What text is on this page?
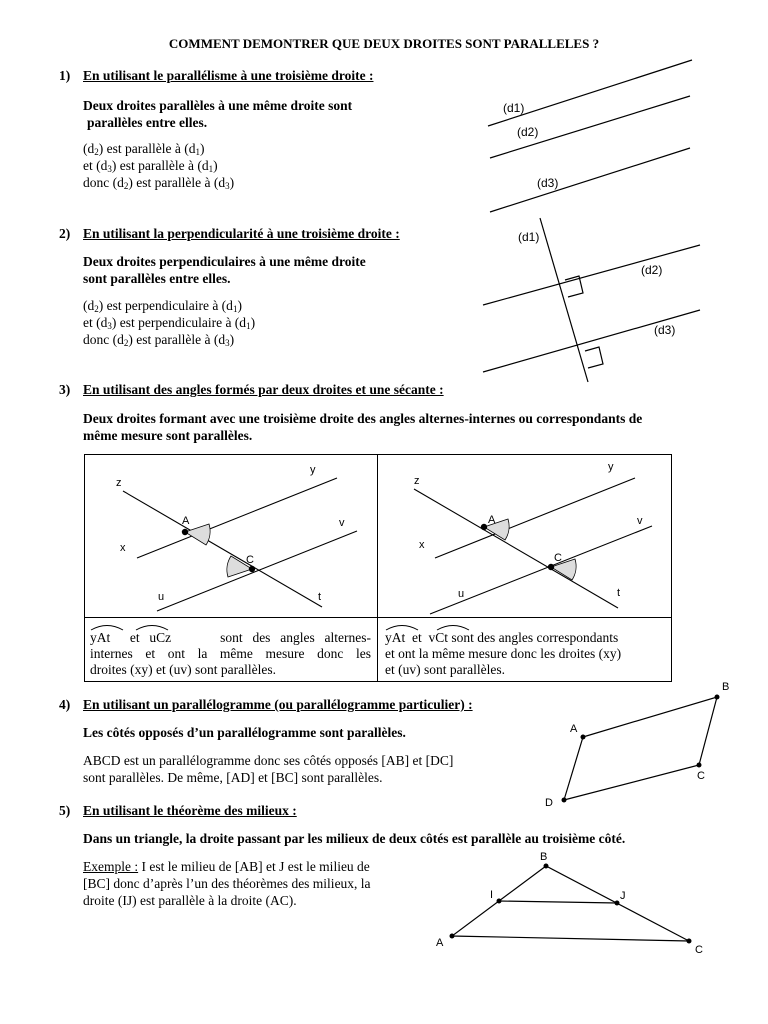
COMMENT DEMONTRER QUE DEUX DROITES SONT PARALLELES ?
1) En utilisant le parallélisme à une troisième droite :
Deux droites parallèles à une même droite sont
parallèles entre elles.
$(d_2)$ est parallèle à $(d_1)$
et $(d_3)$ est parallèle à $(d_1)$
donc $(d_2)$ est parallèle à $(d_3)$
(d1)
(d2)
(d3)
(d1)
(d2)
(d3)
z
y
x
A	v
C
u	t
z
y
x
A	v
C
u	t
A
B
C
D
B
I	J
A
C
2) En utilisant la perpendicularité à une troisième droite :
Deux droites perpendiculaires à une même droite
sont parallèles entre elles.
$(d_2)$ est perpendiculaire à $(d_1)$
et $(d_3)$ est perpendiculaire à $(d_1)$
donc $(d_2)$ est parallèle à $(d_3)$
3) En utilisant des angles formés par deux droites et une sécante :
Deux droites formant avec une troisième droite des angles alternes-internes ou correspondants de
même mesure sont parallèles.
yAt  et uCz	sont des angles alternes-
internes et ont la même mesure donc les
droites (xy) et (uv) sont parallèles.
yAt  et  vCt sont des angles correspondants
et ont la même mesure donc les droites (xy)
et (uv) sont parallèles.
4) En utilisant un parallélogramme (ou parallélogramme particulier) :
Les côtés opposés d’un parallélogramme sont parallèles.
ABCD est un parallélogramme donc ses côtés opposés [AB] et [DC]
sont parallèles. De même, [AD] et [BC] sont parallèles.
5) En utilisant le théorème des milieux :
Dans un triangle, la droite passant par les milieux de deux côtés est parallèle au troisième côté.
Exemple : I est le milieu de [AB] et J est le milieu de
[BC] donc d’après l’un des théorèmes des milieux, la
droite (IJ) est parallèle à la droite (AC).
